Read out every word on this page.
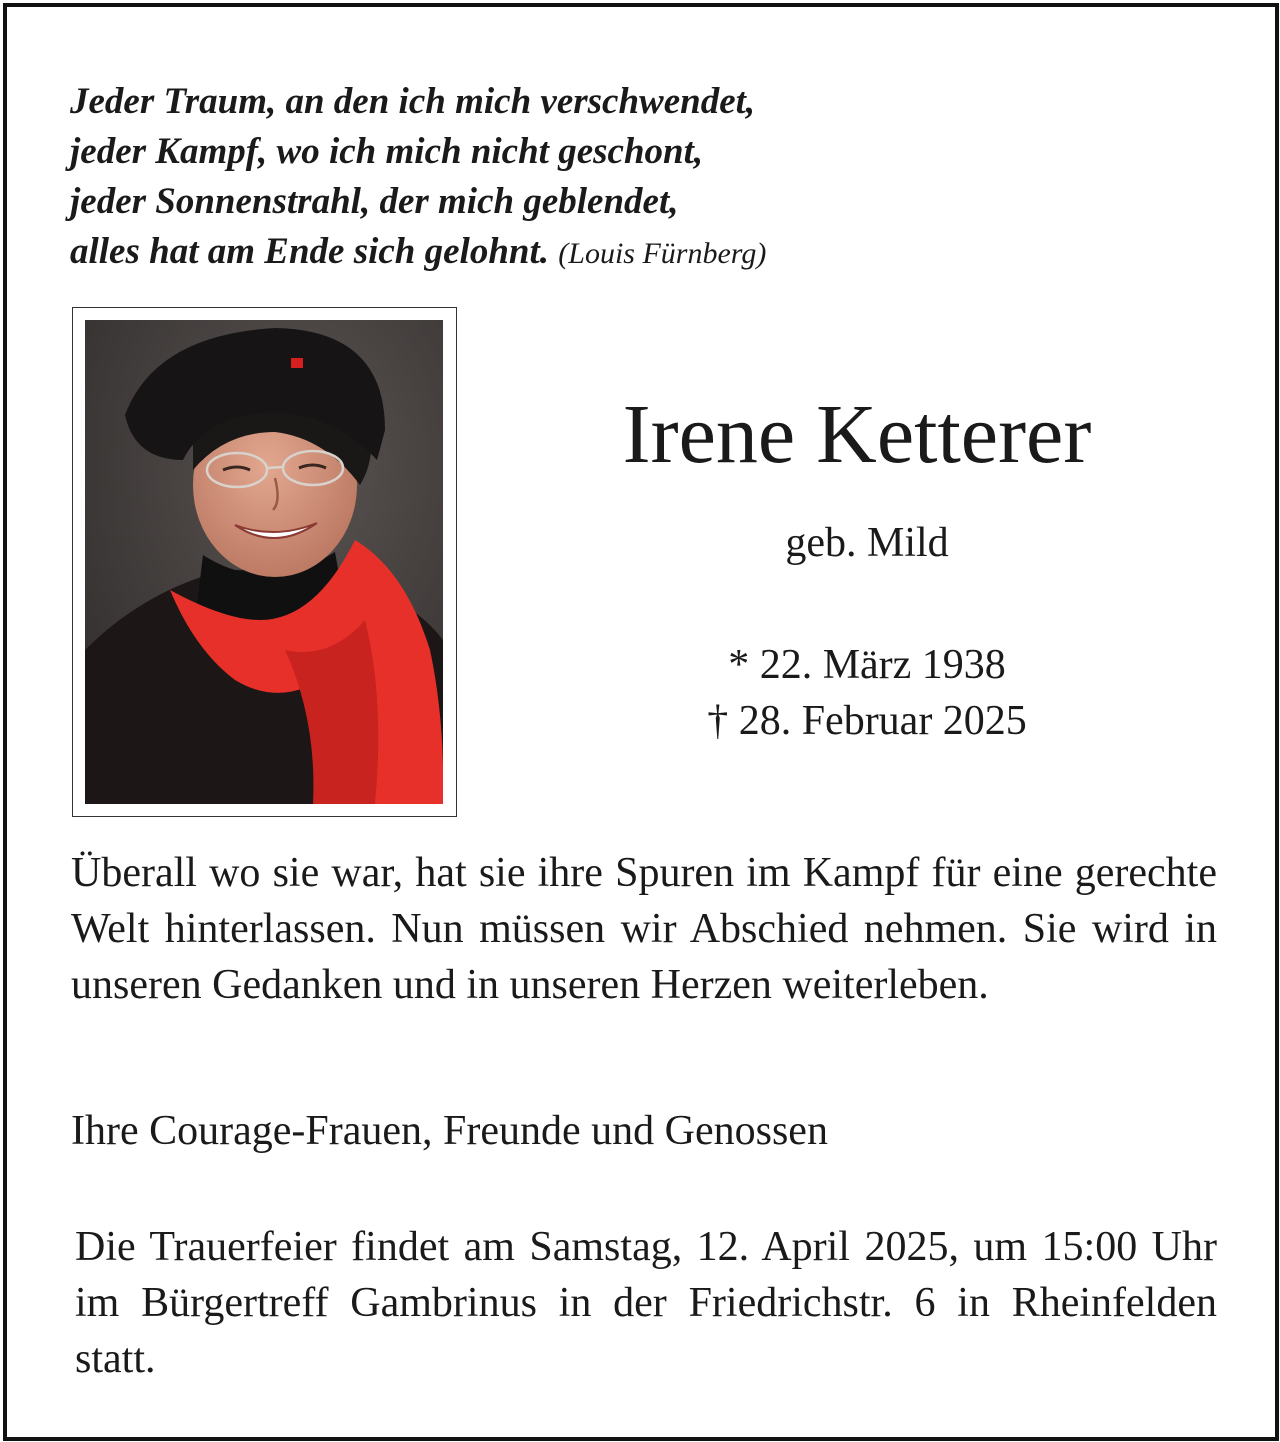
Jeder Traum, an den ich mich verschwendet,
jeder Kampf, wo ich mich nicht geschont,
jeder Sonnenstrahl, der mich geblendet,
alles hat am Ende sich gelohnt. (Louis Fürnberg)
Irene Ketterer
geb. Mild
* 22. März 1938
† 28. Februar 2025
Überall wo sie war, hat sie ihre Spuren im Kampf für eine gerechte Welt hinterlassen. Nun müssen wir Abschied nehmen. Sie wird in unseren Gedanken und in unseren Herzen weiterleben.
Ihre Courage-Frauen, Freunde und Genossen
Die Trauerfeier findet am Samstag, 12. April 2025, um 15:00 Uhr im Bürgertreff Gambrinus in der Friedrichstr. 6 in Rheinfelden statt.
